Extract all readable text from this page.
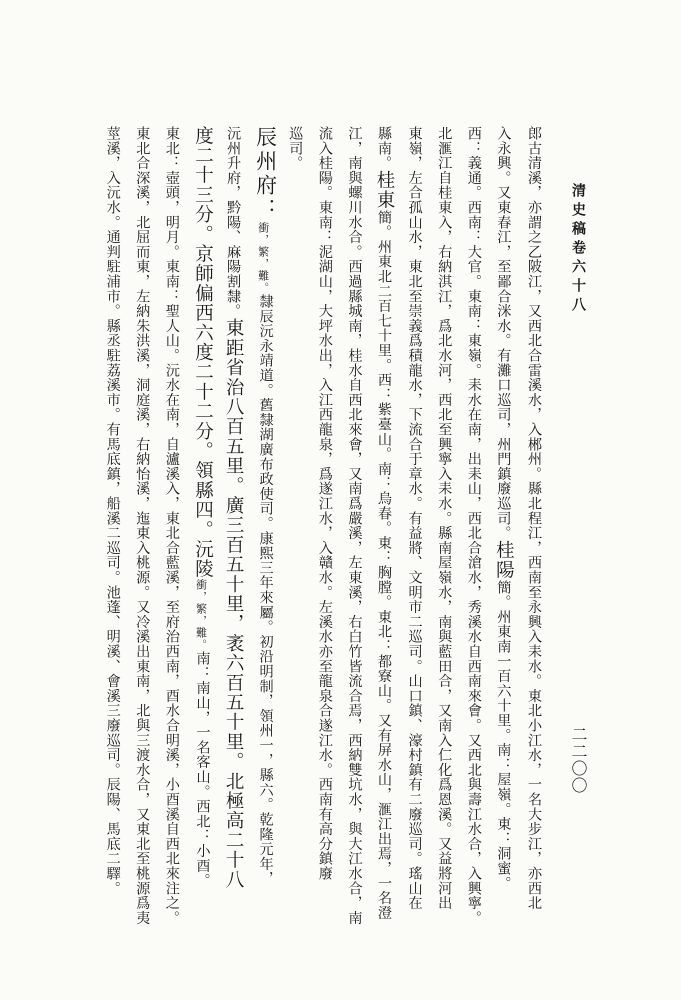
清史稿卷六十八
二二〇〇
郎古清溪，亦謂之乙陂江，又西北合雷溪水，入郴州。縣北程江，西南至永興入耒水。東北小江水，一名大步江，亦西北
入永興。又東春江，至鄙合洣水。有灘口巡司，州門鎮廢巡司。桂陽簡。州東南一百六十里。南：屋嶺。東：洞蜜。
西：義通。西南：大官。東南：東嶺。耒水在南，出耒山，西北合滄水，秀溪水自西南來會。又西北與壽江水合，入興寧。
北滙江自桂東入，右納淇江，爲北水河，西北至興寧入耒水。縣南屋嶺水，南與藍田合，又南入仁化爲恩溪。又益將河出
東嶺，左合孤山水，東北至崇義爲積龍水，下流合于章水。有益將、文明市二巡司。山口鎮、濠村鎮有二廢巡司。瑤山在
縣南。桂東簡。州東北二百七十里。西：紫臺山。南：烏春。東：胸膛。東北：都寮山。又有屏水山，滙江出焉，一名澄
江，南與螺川水合。西過縣城南，桂水自西北來會，又南爲嚴溪，左東溪，右白竹皆流合焉，西納雙坑水，與大江水合，南
流入桂陽。東南：泥湖山，大坪水出，入江西龍泉，爲遂江水，入贛水。左溪水亦至龍泉合遂江水。西南有高分鎮廢
巡司。
辰州府：衝，繁，難。隸辰沅永靖道。舊隸湖廣布政使司。康熙三年來屬。初沿明制，領州一，縣六。乾隆元年，
沅州升府，黔陽、麻陽割隸。東距省治八百五里。廣三百五十里，袤六百五十里。北極高二十八
度二十三分。京師偏西六度二十二分。領縣四。沅陵衝，繁，難。南：南山，一名客山。西北：小酉。
東北：壺頭，明月。東南：聖人山。沅水在南，自瀘溪入，東北合藍溪，至府治西南，酉水合明溪，小酉溪自西北來注之。
東北合深溪，北屈而東，左納朱洪溪，洞庭溪，右納怡溪，迤東入桃源。又冷溪出東南，北與三渡水合，又東北至桃源爲夷
莖溪，入沅水。通判駐浦市。縣丞駐荔溪市。有馬底鎮，船溪二巡司。池蓬、明溪、會溪三廢巡司。辰陽、馬底二驛。
